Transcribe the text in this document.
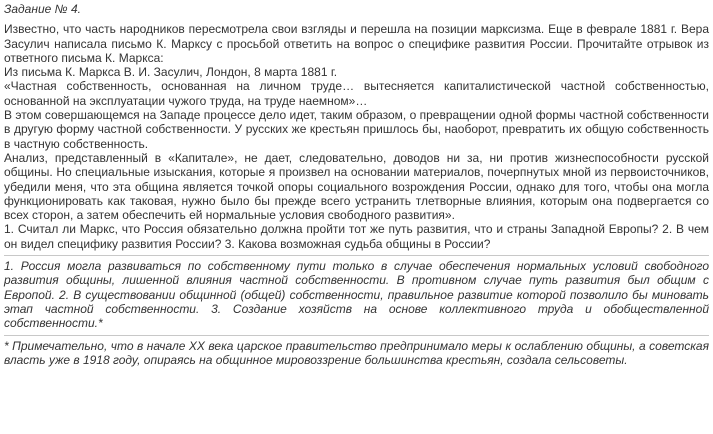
Задание № 4.

Известно, что часть народников пересмотрела свои взгляды и перешла на позиции марксизма. Еще в феврале 1881 г. Вера Засулич написала письмо К. Марксу с просьбой ответить на вопрос о специфике развития России. Прочитайте отрывок из ответного письма К. Маркса:

Из письма К. Маркса В. И. Засулич, Лондон, 8 марта 1881 г.

«Частная собственность, основанная на личном труде… вытесняется капиталистической частной собственностью, основанной на эксплуатации чужого труда, на труде наемном»…

В этом совершающемся на Западе процессе дело идет, таким образом, о превращении одной формы частной собственности в другую форму частной собственности. У русских же крестьян пришлось бы, наоборот, превратить их общую собственность в частную собственность.

Анализ, представленный в «Капитале», не дает, следовательно, доводов ни за, ни против жизнеспособности русской общины. Но специальные изыскания, которые я произвел на основании материалов, почерпнутых мной из первоисточников, убедили меня, что эта община является точкой опоры социального возрождения России, однако для того, чтобы она могла функционировать как таковая, нужно было бы прежде всего устранить тлетворные влияния, которым она подвергается со всех сторон, а затем обеспечить ей нормальные условия свободного развития».

1. Считал ли Маркс, что Россия обязательно должна пройти тот же путь развития, что и страны Западной Европы? 2. В чем он видел специфику развития России? 3. Какова возможная судьба общины в России?

1. Россия могла развиваться по собственному пути только в случае обеспечения нормальных условий свободного развития общины, лишенной влияния частной собственности. В противном случае путь развития был общим с Европой. 2. В существовании общинной (общей) собственности, правильное развитие которой позволило бы миновать этап частной собственности. 3. Создание хозяйств на основе коллективного труда и обобществленной собственности.*

* Примечательно, что в начале XX века царское правительство предпринимало меры к ослаблению общины, а советская власть уже в 1918 году, опираясь на общинное мировоззрение большинства крестьян, создала сельсоветы.
